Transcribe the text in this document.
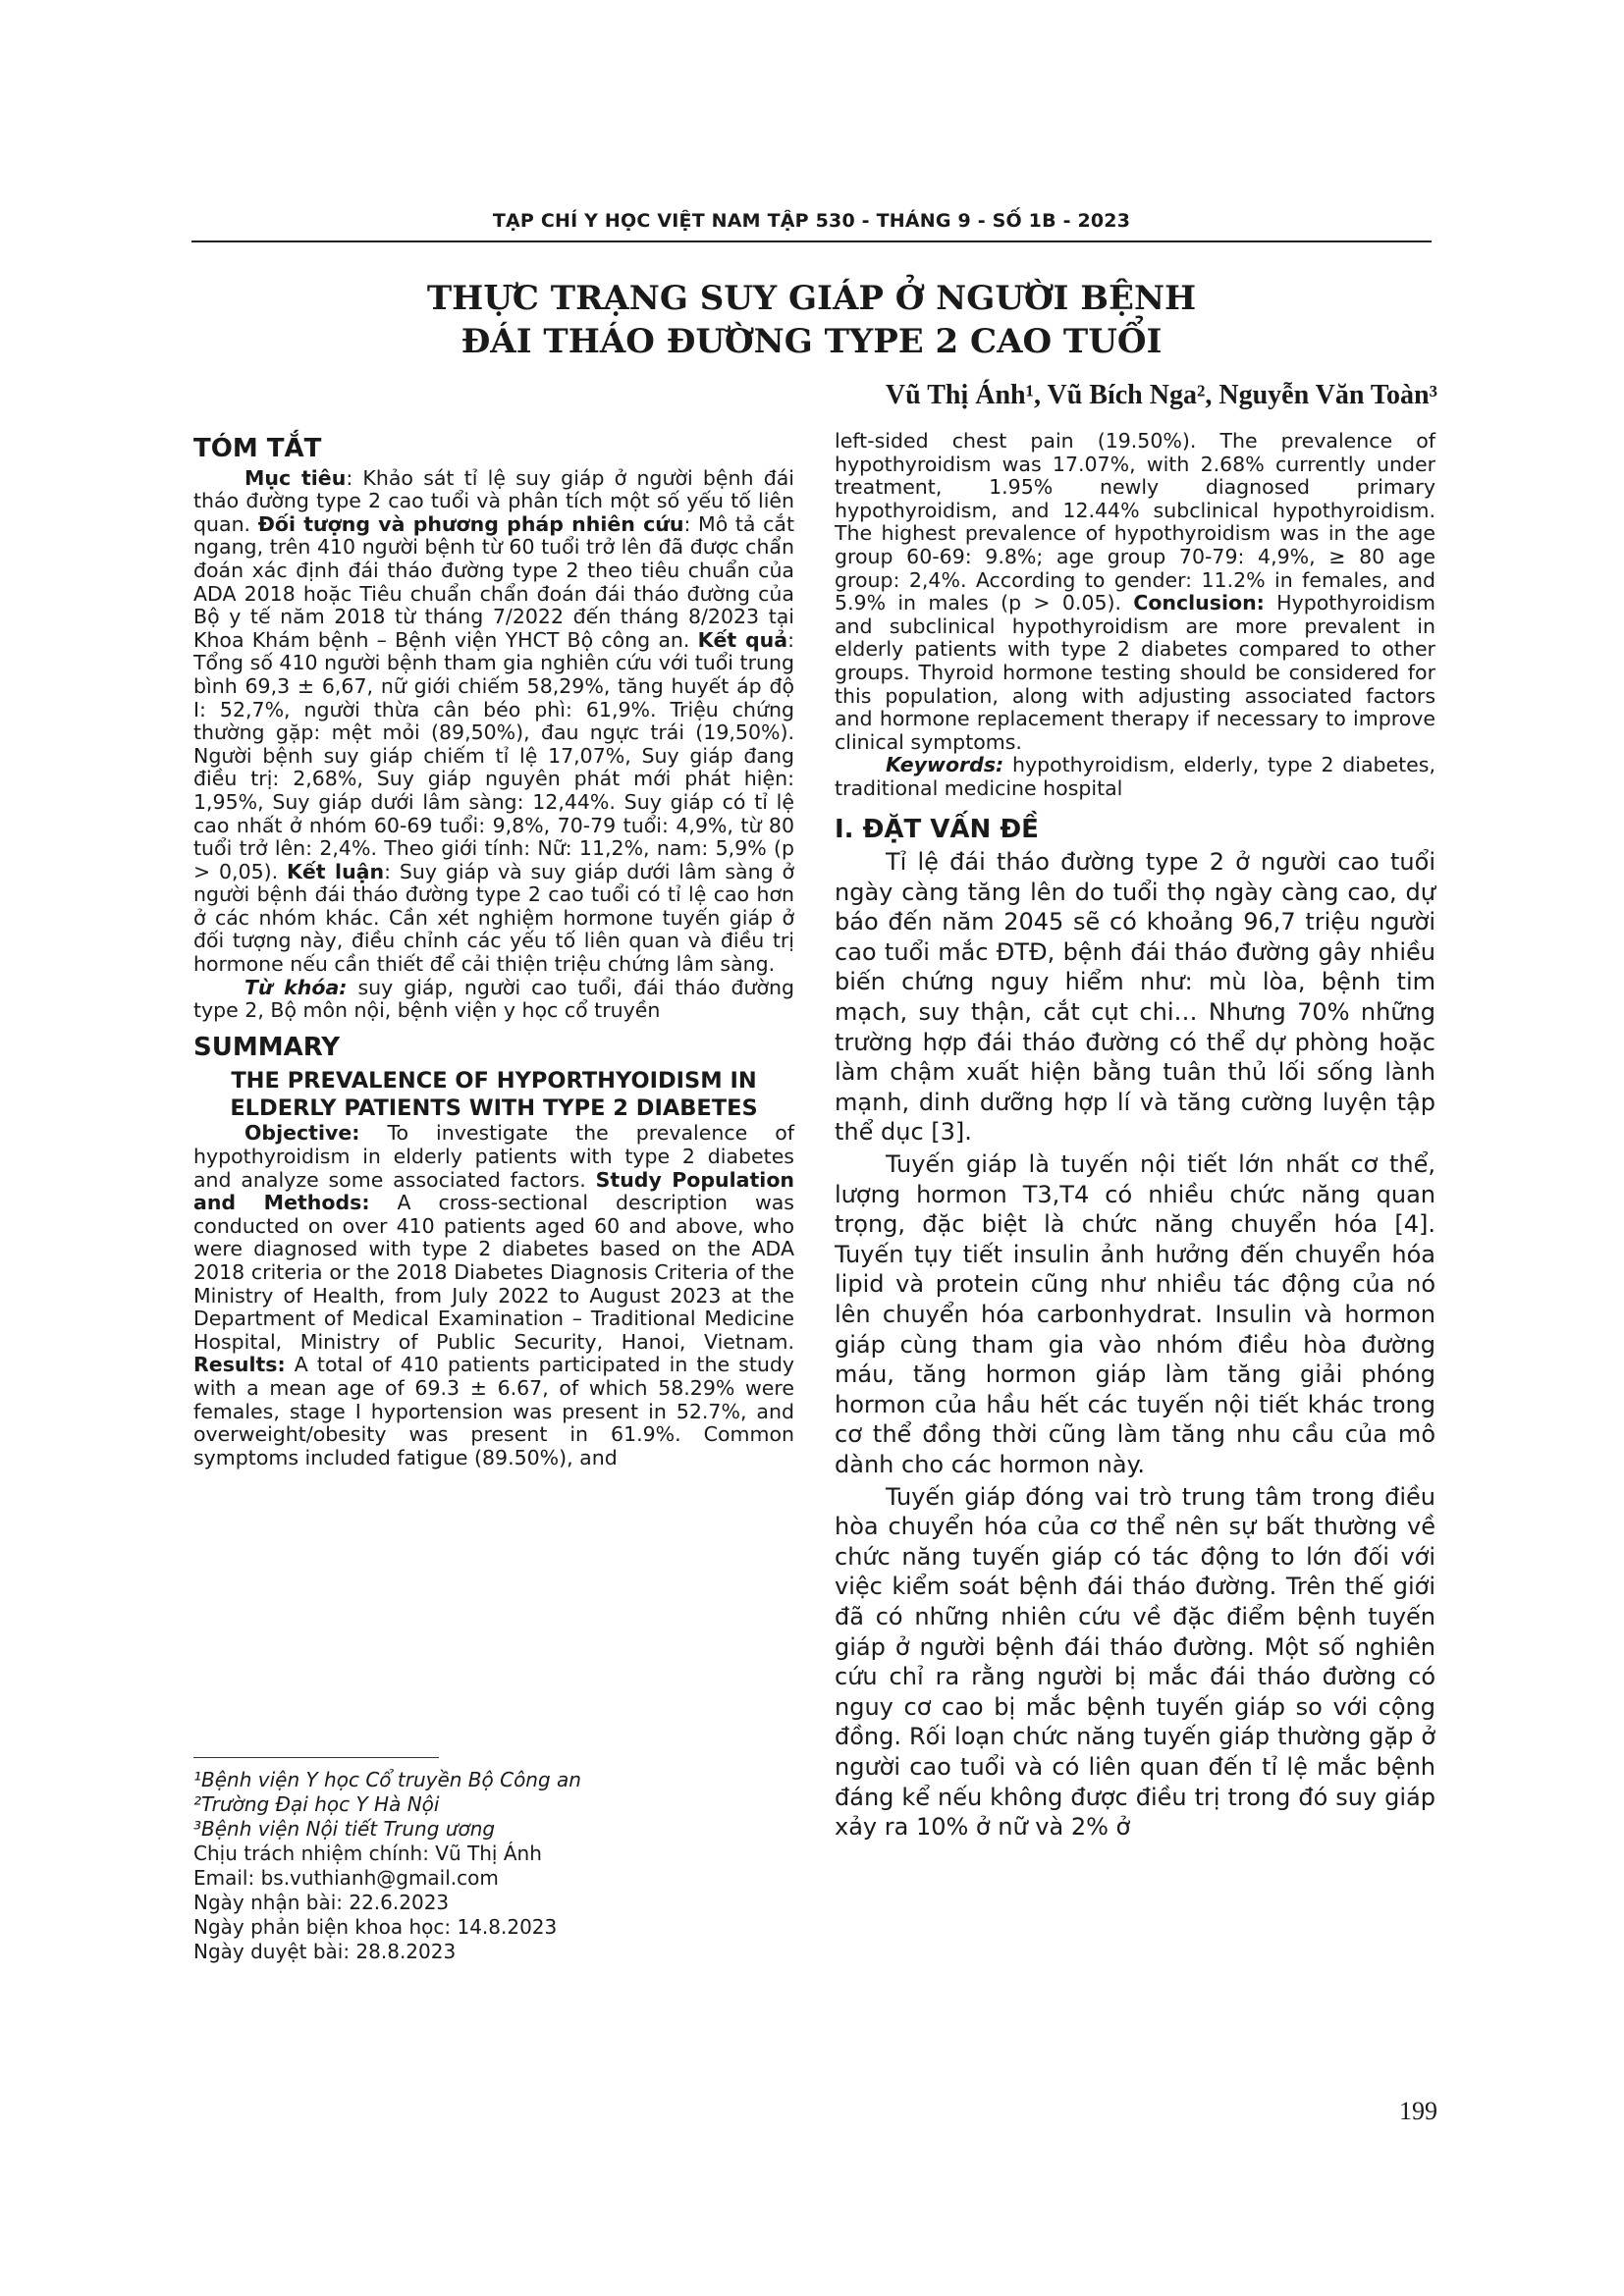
TẠP CHÍ Y HỌC VIỆT NAM TẬP 530 - THÁNG 9 - SỐ 1B - 2023
THỰC TRẠNG SUY GIÁP Ở NGƯỜI BỆNH
ĐÁI THÁO ĐƯỜNG TYPE 2 CAO TUỔI
Vũ Thị Ánh¹, Vũ Bích Nga², Nguyễn Văn Toàn³
TÓM TẮT

Mục tiêu: Khảo sát tỉ lệ suy giáp ở người bệnh đái tháo đường type 2 cao tuổi và phân tích một số yếu tố liên quan. Đối tượng và phương pháp nhiên cứu: Mô tả cắt ngang, trên 410 người bệnh từ 60 tuổi trở lên đã được chẩn đoán xác định đái tháo đường type 2 theo tiêu chuẩn của ADA 2018 hoặc Tiêu chuẩn chẩn đoán đái tháo đường của Bộ y tế năm 2018 từ tháng 7/2022 đến tháng 8/2023 tại Khoa Khám bệnh – Bệnh viện YHCT Bộ công an. Kết quả: Tổng số 410 người bệnh tham gia nghiên cứu với tuổi trung bình 69,3 ± 6,67, nữ giới chiếm 58,29%, tăng huyết áp độ I: 52,7%, người thừa cân béo phì: 61,9%. Triệu chứng thường gặp: mệt mỏi (89,50%), đau ngực trái (19,50%). Người bệnh suy giáp chiếm tỉ lệ 17,07%, Suy giáp đang điều trị: 2,68%, Suy giáp nguyên phát mới phát hiện: 1,95%, Suy giáp dưới lâm sàng: 12,44%. Suy giáp có tỉ lệ cao nhất ở nhóm 60-69 tuổi: 9,8%, 70-79 tuổi: 4,9%, từ 80 tuổi trở lên: 2,4%. Theo giới tính: Nữ: 11,2%, nam: 5,9% (p > 0,05). Kết luận: Suy giáp và suy giáp dưới lâm sàng ở người bệnh đái tháo đường type 2 cao tuổi có tỉ lệ cao hơn ở các nhóm khác. Cần xét nghiệm hormone tuyến giáp ở đối tượng này, điều chỉnh các yếu tố liên quan và điều trị hormone nếu cần thiết để cải thiện triệu chứng lâm sàng.

Từ khóa: suy giáp, người cao tuổi, đái tháo đường type 2, Bộ môn nội, bệnh viện y học cổ truyền

SUMMARY
THE PREVALENCE OF HYPORTHYOIDISM IN ELDERLY PATIENTS WITH TYPE 2 DIABETES

Objective: To investigate the prevalence of hypothyroidism in elderly patients with type 2 diabetes and analyze some associated factors. Study Population and Methods: A cross-sectional description was conducted on over 410 patients aged 60 and above, who were diagnosed with type 2 diabetes based on the ADA 2018 criteria or the 2018 Diabetes Diagnosis Criteria of the Ministry of Health, from July 2022 to August 2023 at the Department of Medical Examination – Traditional Medicine Hospital, Ministry of Public Security, Hanoi, Vietnam. Results: A total of 410 patients participated in the study with a mean age of 69.3 ± 6.67, of which 58.29% were females, stage I hyportension was present in 52.7%, and overweight/obesity was present in 61.9%. Common symptoms included fatigue (89.50%), and

¹Bệnh viện Y học Cổ truyền Bộ Công an
²Trường Đại học Y Hà Nội
³Bệnh viện Nội tiết Trung ương
Chịu trách nhiệm chính: Vũ Thị Ánh
Email: bs.vuthianh@gmail.com
Ngày nhận bài: 22.6.2023
Ngày phản biện khoa học: 14.8.2023
Ngày duyệt bài: 28.8.2023

left-sided chest pain (19.50%). The prevalence of hypothyroidism was 17.07%, with 2.68% currently under treatment, 1.95% newly diagnosed primary hypothyroidism, and 12.44% subclinical hypothyroidism. The highest prevalence of hypothyroidism was in the age group 60-69: 9.8%; age group 70-79: 4,9%, ≥ 80 age group: 2,4%. According to gender: 11.2% in females, and 5.9% in males (p > 0.05). Conclusion: Hypothyroidism and subclinical hypothyroidism are more prevalent in elderly patients with type 2 diabetes compared to other groups. Thyroid hormone testing should be considered for this population, along with adjusting associated factors and hormone replacement therapy if necessary to improve clinical symptoms.

Keywords: hypothyroidism, elderly, type 2 diabetes, traditional medicine hospital

I. ĐẶT VẤN ĐỀ

Tỉ lệ đái tháo đường type 2 ở người cao tuổi ngày càng tăng lên do tuổi thọ ngày càng cao, dự báo đến năm 2045 sẽ có khoảng 96,7 triệu người cao tuổi mắc ĐTĐ, bệnh đái tháo đường gây nhiều biến chứng nguy hiểm như: mù lòa, bệnh tim mạch, suy thận, cắt cụt chi… Nhưng 70% những trường hợp đái tháo đường có thể dự phòng hoặc làm chậm xuất hiện bằng tuân thủ lối sống lành mạnh, dinh dưỡng hợp lí và tăng cường luyện tập thể dục [3].

Tuyến giáp là tuyến nội tiết lớn nhất cơ thể, lượng hormon T3,T4 có nhiều chức năng quan trọng, đặc biệt là chức năng chuyển hóa [4]. Tuyến tụy tiết insulin ảnh hưởng đến chuyển hóa lipid và protein cũng như nhiều tác động của nó lên chuyển hóa carbonhydrat. Insulin và hormon giáp cùng tham gia vào nhóm điều hòa đường máu, tăng hormon giáp làm tăng giải phóng hormon của hầu hết các tuyến nội tiết khác trong cơ thể đồng thời cũng làm tăng nhu cầu của mô dành cho các hormon này.

Tuyến giáp đóng vai trò trung tâm trong điều hòa chuyển hóa của cơ thể nên sự bất thường về chức năng tuyến giáp có tác động to lớn đối với việc kiểm soát bệnh đái tháo đường. Trên thế giới đã có những nhiên cứu về đặc điểm bệnh tuyến giáp ở người bệnh đái tháo đường. Một số nghiên cứu chỉ ra rằng người bị mắc đái tháo đường có nguy cơ cao bị mắc bệnh tuyến giáp so với cộng đồng. Rối loạn chức năng tuyến giáp thường gặp ở người cao tuổi và có liên quan đến tỉ lệ mắc bệnh đáng kể nếu không được điều trị trong đó suy giáp xảy ra 10% ở nữ và 2% ở

199
